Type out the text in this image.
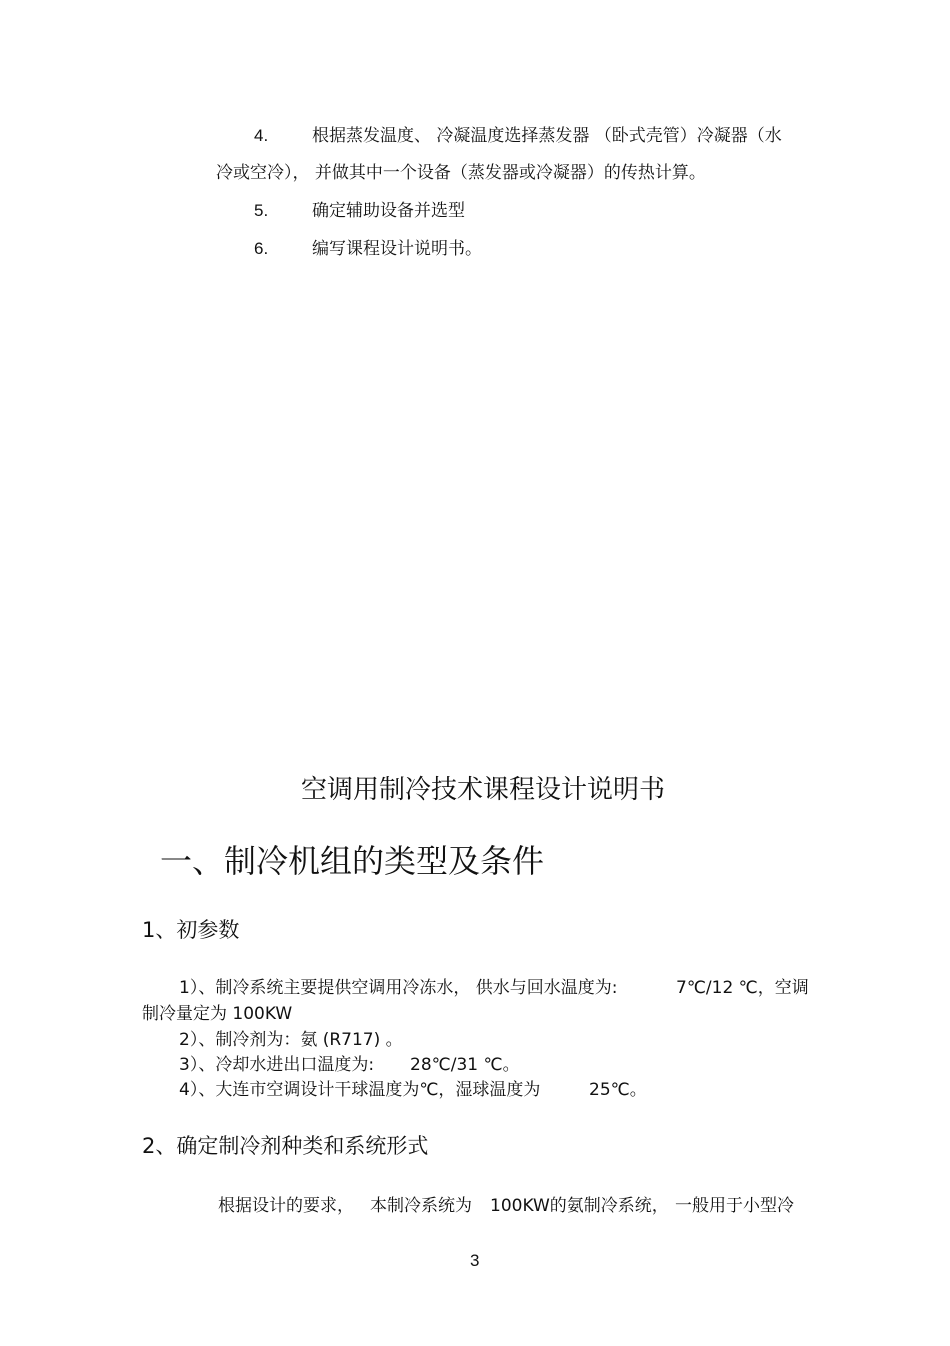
4.	根据蒸发温度、 冷凝温度选择蒸发器 （卧式壳管）冷凝器（水
冷或空冷）， 并做其中一个设备（蒸发器或冷凝器）的传热计算。
5.	确定辅助设备并选型
6.	编写课程设计说明书。
空调用制冷技术课程设计说明书
一、制冷机组的类型及条件
1、初参数
1）、制冷系统主要提供空调用冷冻水， 供水与回水温度为:	7℃/12 ℃，空调
制冷量定为 100KW
2）、制冷剂为：氨 (R717) 。
3）、冷却水进出口温度为: 28℃/31 ℃。
4）、大连市空调设计干球温度为℃，湿球温度为	25℃。
2、确定制冷剂种类和系统形式
根据设计的要求， 本制冷系统为 100KW的氨制冷系统， 一般用于小型冷
3
